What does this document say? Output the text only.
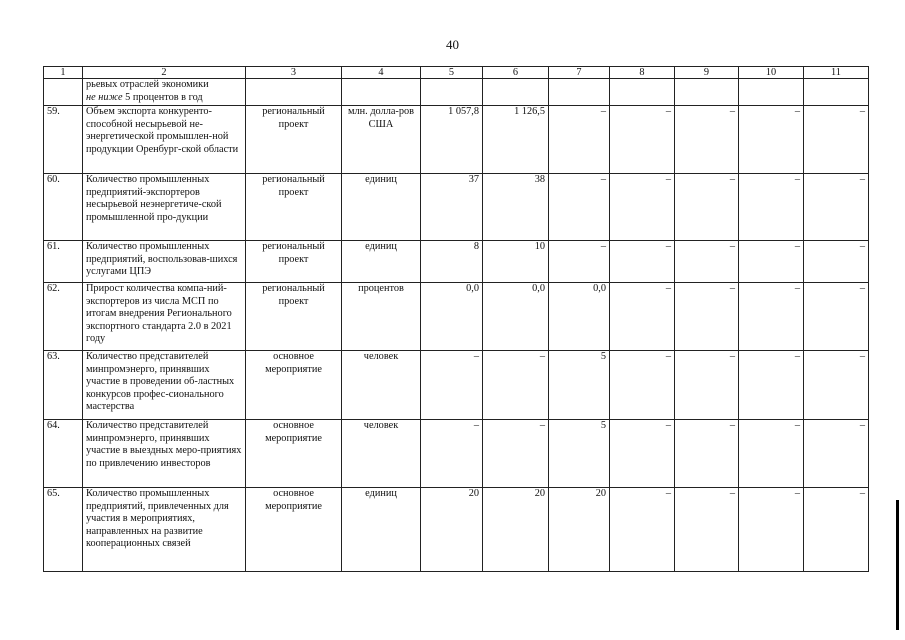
40
1	2	3	4	5	6	7	8	9	10	11
	рьевых отраслей экономики
не ниже 5 процентов в год									
59.	Объем экспорта конкуренто-способной несырьевой не-энергетической промышлен-ной продукции Оренбург-ской области	региональный проект	млн. долла-ров США	1 057,8	1 126,5	–	–	–	–	–
60.	Количество промышленных предприятий-экспортеров несырьевой неэнергетиче-ской промышленной про-дукции	региональный проект	единиц	37	38	–	–	–	–	–
61.	Количество промышленных предприятий, воспользовав-шихся услугами ЦПЭ	региональный проект	единиц	8	10	–	–	–	–	–
62.	Прирост количества компа-ний-экспортеров из числа МСП по итогам внедрения Регионального экспортного стандарта 2.0 в 2021 году	региональный проект	процентов	0,0	0,0	0,0	–	–	–	–
63.	Количество представителей минпромэнерго, принявших участие в проведении об-ластных конкурсов профес-сионального мастерства	основное мероприятие	человек	–	–	5	–	–	–	–
64.	Количество представителей минпромэнерго, принявших участие в выездных меро-приятиях по привлечению инвесторов	основное мероприятие	человек	–	–	5	–	–	–	–
65.	Количество промышленных предприятий, привлеченных для участия в мероприятиях, направленных на развитие кооперационных связей	основное мероприятие	единиц	20	20	20	–	–	–	–
